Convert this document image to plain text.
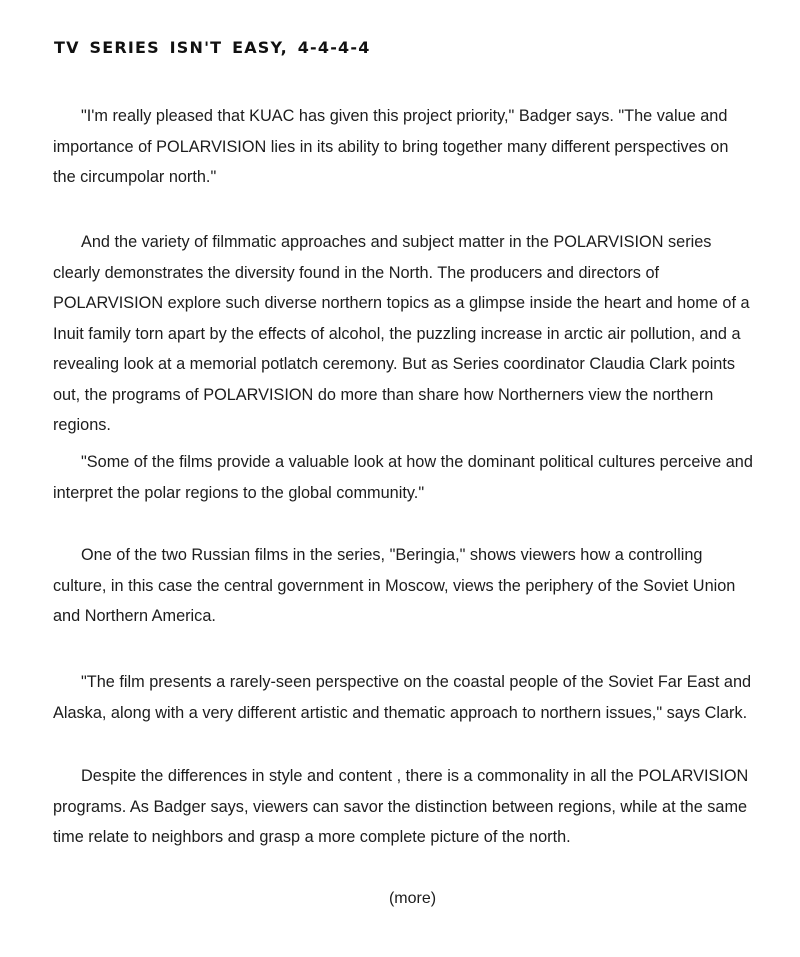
TV SERIES ISN'T EASY, 4-4-4-4

"I'm really pleased that KUAC has given this project priority," Badger says. "The value and importance of POLARVISION lies in its ability to bring together many different perspectives on the circumpolar north."

And the variety of filmmatic approaches and subject matter in the POLARVISION series clearly demonstrates the diversity found in the North. The producers and directors of POLARVISION explore such diverse northern topics as a glimpse inside the heart and home of a Inuit family torn apart by the effects of alcohol, the puzzling increase in arctic air pollution, and a revealing look at a memorial potlatch ceremony. But as Series coordinator Claudia Clark points out, the programs of POLARVISION do more than share how Northerners view the northern regions.

"Some of the films provide a valuable look at how the dominant political cultures perceive and interpret the polar regions to the global community."

One of the two Russian films in the series, "Beringia," shows viewers how a controlling culture, in this case the central government in Moscow, views the periphery of the Soviet Union and Northern America.

"The film presents a rarely-seen perspective on the coastal people of the Soviet Far East and Alaska, along with a very different artistic and thematic approach to northern issues," says Clark.

Despite the differences in style and content , there is a commonality in all the POLARVISION programs. As Badger says, viewers can savor the distinction between regions, while at the same time relate to neighbors and grasp a more complete picture of the north.

(more)
